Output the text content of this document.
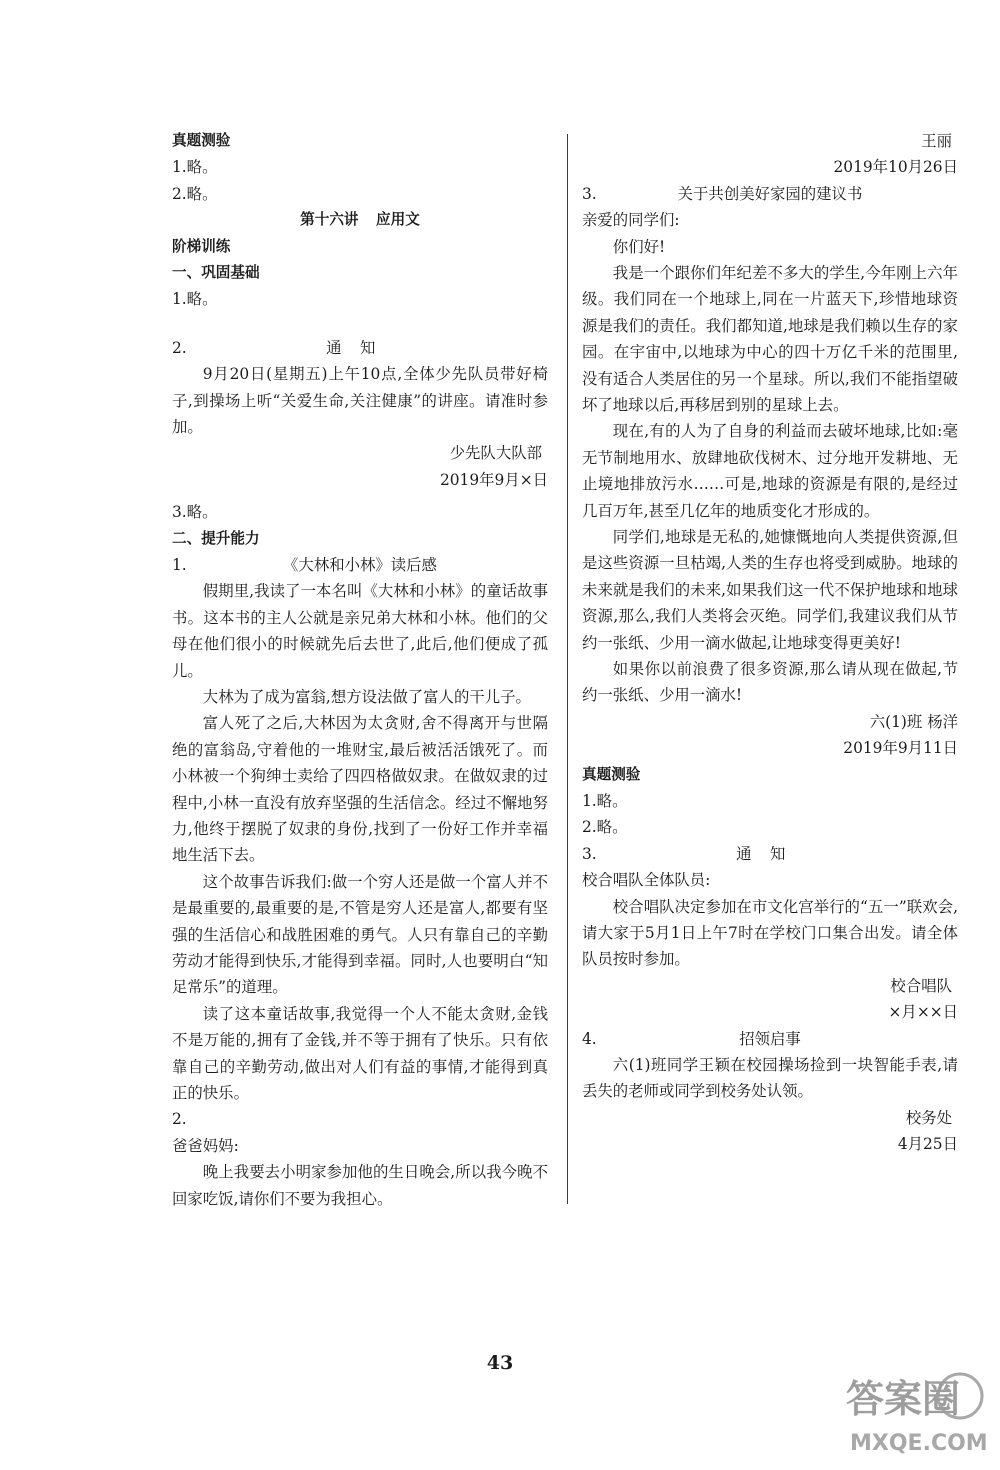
真题测验
1.略。
2.略。
第十六讲 应用文
阶梯训练
一、巩固基础
1.略。
2.	通知

9月20日(星期五)上午10点,全体少先队员带好椅子,到操场上听“关爱生命,关注健康”的讲座。请准时参加。

少先队大队部
2019年9月×日
3.略。
二、提升能力
1.	《大林和小林》读后感

假期里,我读了一本名叫《大林和小林》的童话故事书。这本书的主人公就是亲兄弟大林和小林。他们的父母在他们很小的时候就先后去世了,此后,他们便成了孤儿。

大林为了成为富翁,想方设法做了富人的干儿子。

富人死了之后,大林因为太贪财,舍不得离开与世隔绝的富翁岛,守着他的一堆财宝,最后被活活饿死了。而小林被一个狗绅士卖给了四四格做奴隶。在做奴隶的过程中,小林一直没有放弃坚强的生活信念。经过不懈地努力,他终于摆脱了奴隶的身份,找到了一份好工作并幸福地生活下去。

这个故事告诉我们:做一个穷人还是做一个富人并不是最重要的,最重要的是,不管是穷人还是富人,都要有坚强的生活信心和战胜困难的勇气。人只有靠自己的辛勤劳动才能得到快乐,才能得到幸福。同时,人也要明白“知足常乐”的道理。

读了这本童话故事,我觉得一个人不能太贪财,金钱不是万能的,拥有了金钱,并不等于拥有了快乐。只有依靠自己的辛勤劳动,做出对人们有益的事情,才能得到真正的快乐。

2.
爸爸妈妈:

晚上我要去小明家参加他的生日晚会,所以我今晚不回家吃饭,请你们不要为我担心。

王丽
2019年10月26日
3.	关于共创美好家园的建议书
亲爱的同学们:
你们好!

我是一个跟你们年纪差不多大的学生,今年刚上六年级。我们同在一个地球上,同在一片蓝天下,珍惜地球资源是我们的责任。我们都知道,地球是我们赖以生存的家园。在宇宙中,以地球为中心的四十万亿千米的范围里,没有适合人类居住的另一个星球。所以,我们不能指望破坏了地球以后,再移居到别的星球上去。

现在,有的人为了自身的利益而去破坏地球,比如:毫无节制地用水、放肆地砍伐树木、过分地开发耕地、无止境地排放污水……可是,地球的资源是有限的,是经过几百万年,甚至几亿年的地质变化才形成的。

同学们,地球是无私的,她慷慨地向人类提供资源,但是这些资源一旦枯竭,人类的生存也将受到威胁。地球的未来就是我们的未来,如果我们这一代不保护地球和地球资源,那么,我们人类将会灭绝。同学们,我建议我们从节约一张纸、少用一滴水做起,让地球变得更美好!

如果你以前浪费了很多资源,那么请从现在做起,节约一张纸、少用一滴水!

六(1)班 杨洋
2019年9月11日
真题测验
1.略。
2.略。
3.	通知
校合唱队全体队员:

校合唱队决定参加在市文化宫举行的“五一”联欢会,请大家于5月1日上午7时在学校门口集合出发。请全体队员按时参加。

校合唱队
×月××日
4.	招领启事

六(1)班同学王颖在校园操场捡到一块智能手表,请丢失的老师或同学到校务处认领。

校务处
4月25日
43
答案圈
MXQE.COM
